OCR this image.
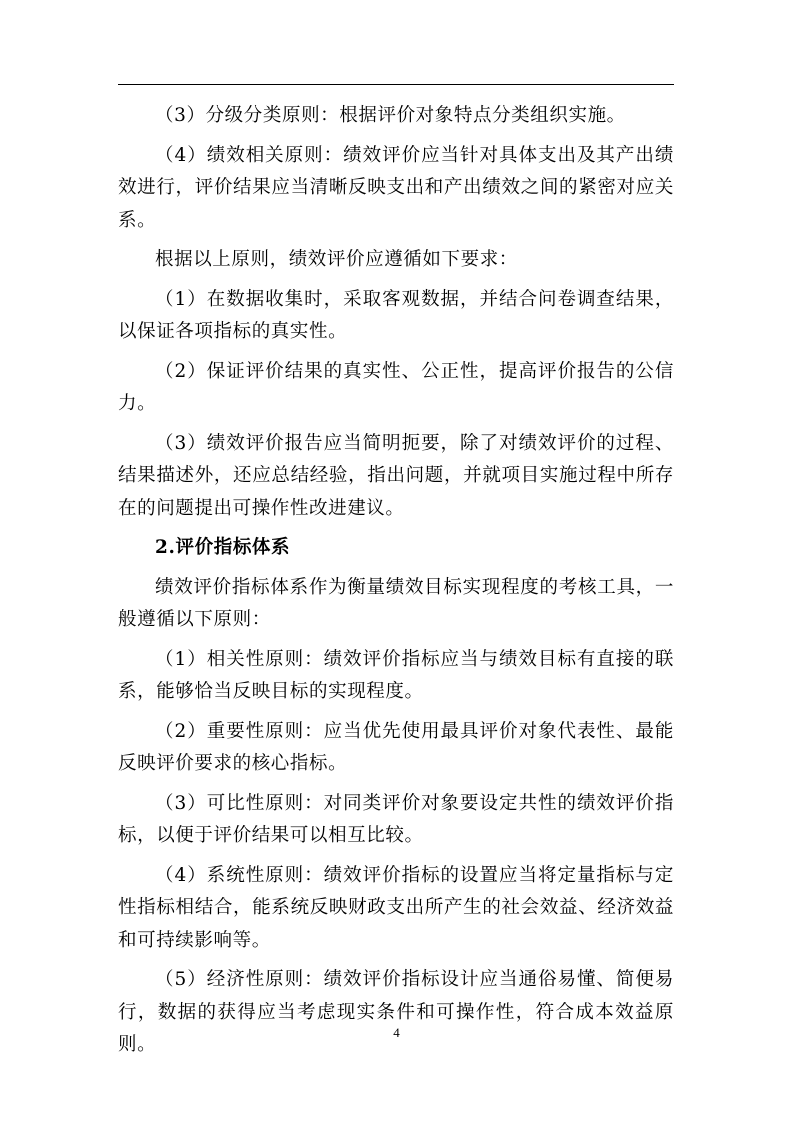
（3）分级分类原则：根据评价对象特点分类组织实施。

（4）绩效相关原则：绩效评价应当针对具体支出及其产出绩效进行，评价结果应当清晰反映支出和产出绩效之间的紧密对应关系。

根据以上原则，绩效评价应遵循如下要求：

（1）在数据收集时，采取客观数据，并结合问卷调查结果，以保证各项指标的真实性。

（2）保证评价结果的真实性、公正性，提高评价报告的公信力。

（3）绩效评价报告应当简明扼要，除了对绩效评价的过程、结果描述外，还应总结经验，指出问题，并就项目实施过程中所存在的问题提出可操作性改进建议。

2.评价指标体系

绩效评价指标体系作为衡量绩效目标实现程度的考核工具，一般遵循以下原则：

（1）相关性原则：绩效评价指标应当与绩效目标有直接的联系，能够恰当反映目标的实现程度。

（2）重要性原则：应当优先使用最具评价对象代表性、最能反映评价要求的核心指标。

（3）可比性原则：对同类评价对象要设定共性的绩效评价指标，以便于评价结果可以相互比较。

（4）系统性原则：绩效评价指标的设置应当将定量指标与定性指标相结合，能系统反映财政支出所产生的社会效益、经济效益和可持续影响等。

（5）经济性原则：绩效评价指标设计应当通俗易懂、简便易行，数据的获得应当考虑现实条件和可操作性，符合成本效益原则。

4
